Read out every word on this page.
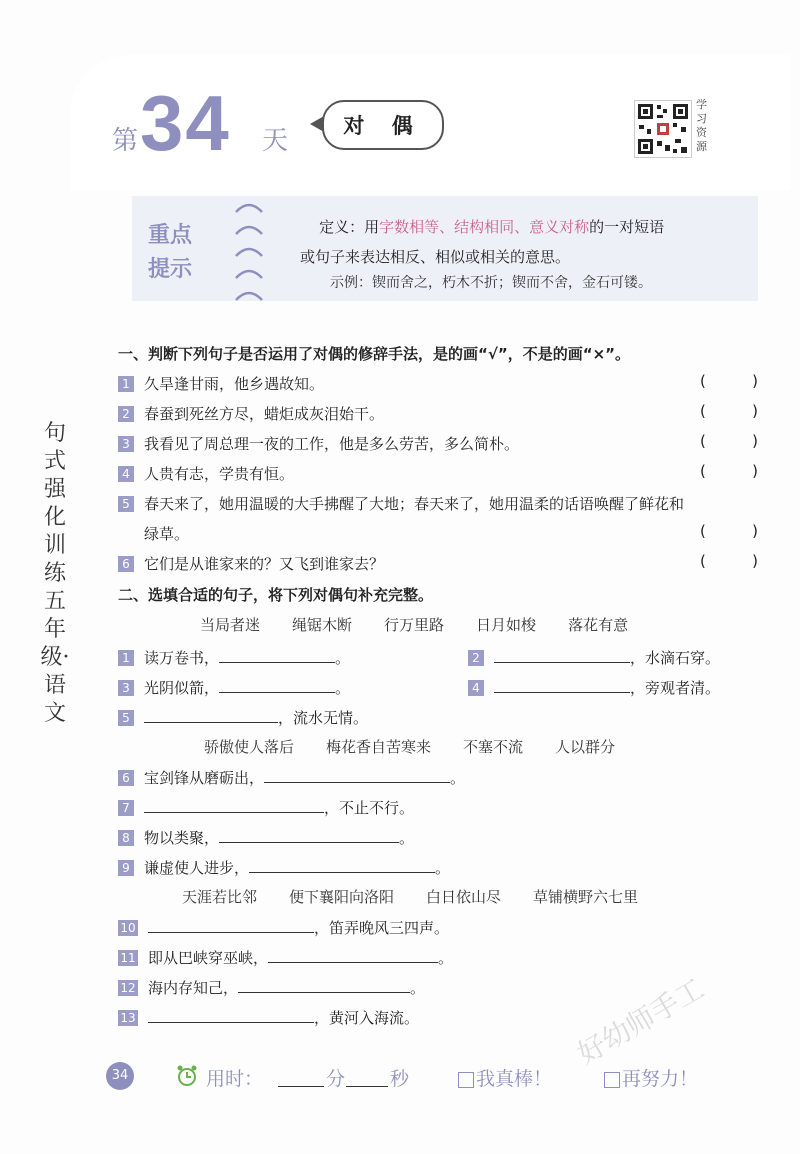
第 34 天	对 偶
学习资源
重点
提示
定义：用字数相等、结构相同、意义对称的一对短语
或句子来表达相反、相似或相关的意思。
示例：锲而舍之，朽木不折；锲而不舍，金石可镂。
句式强化训练 五年级·语文
一、判断下列句子是否运用了对偶的修辞手法，是的画“√”，不是的画“×”。
1 久旱逢甘雨，他乡遇故知。	(	)
2 春蚕到死丝方尽，蜡炬成灰泪始干。	(	)
3 我看见了周总理一夜的工作，他是多么劳苦，多么简朴。	(	)
4 人贵有志，学贵有恒。	(	)
5 春天来了，她用温暖的大手拂醒了大地；春天来了，她用温柔的话语唤醒了鲜花和
绿草。	(	)
6 它们是从谁家来的？又飞到谁家去？	(	)
二、选填合适的句子，将下列对偶句补充完整。
当局者迷 绳锯木断 行万里路 日月如梭 落花有意
1 读万卷书，	。	2	，水滴石穿。
3 光阴似箭，	。	4	，旁观者清。
5	，流水无情。
骄傲使人落后 梅花香自苦寒来 不塞不流 人以群分
6 宝剑锋从磨砺出，	。
7	，不止不行。
8 物以类聚，	。
9 谦虚使人进步，	。
天涯若比邻 便下襄阳向洛阳 白日依山尽 草铺横野六七里
10	，笛弄晚风三四声。
11 即从巴峡穿巫峡，	。
12 海内存知己，	。
13	，黄河入海流。	好幼师手工
34	用时：	分 秒	我真棒！	再努力！
